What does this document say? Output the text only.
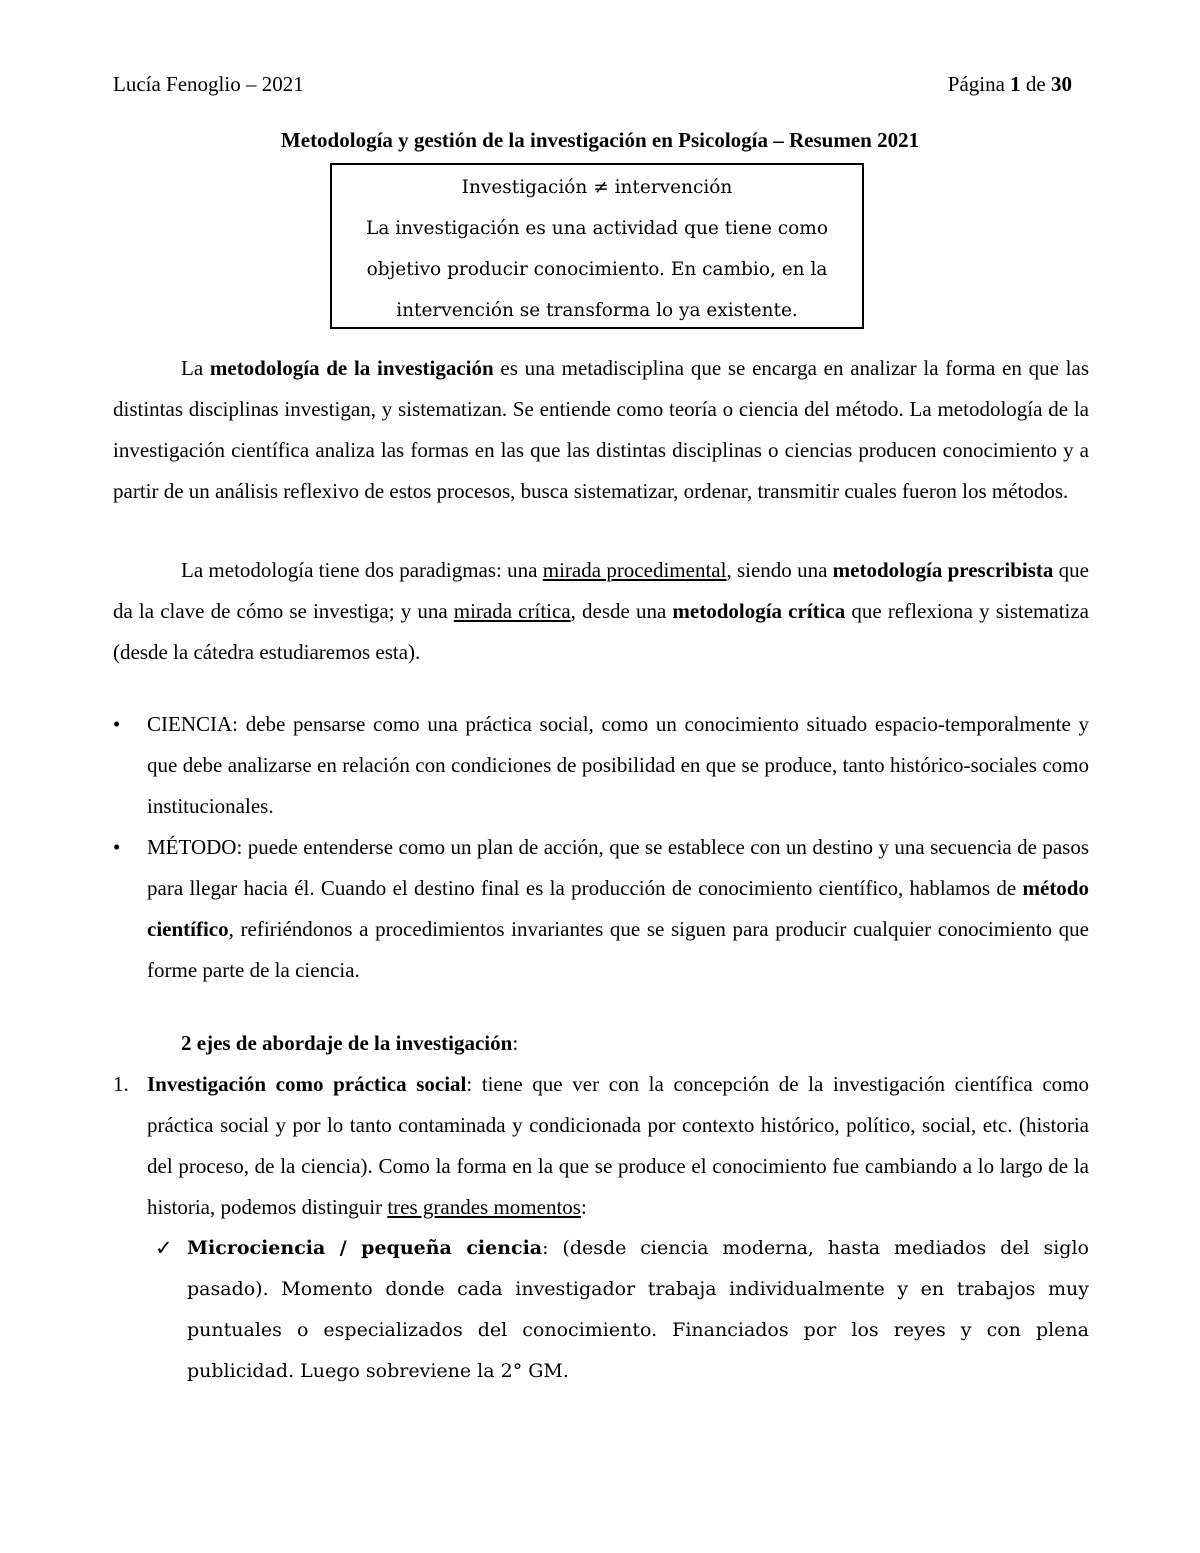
Lucía Fenoglio – 2021	Página 1 de 30
Metodología y gestión de la investigación en Psicología – Resumen 2021
Investigación ≠ intervención
La investigación es una actividad que tiene como
objetivo producir conocimiento. En cambio, en la
intervención se transforma lo ya existente.
La metodología de la investigación es una metadisciplina que se encarga en analizar la forma en que las distintas disciplinas investigan, y sistematizan. Se entiende como teoría o ciencia del método. La metodología de la investigación científica analiza las formas en las que las distintas disciplinas o ciencias producen conocimiento y a partir de un análisis reflexivo de estos procesos, busca sistematizar, ordenar, transmitir cuales fueron los métodos.
La metodología tiene dos paradigmas: una mirada procedimental, siendo una metodología prescribista que da la clave de cómo se investiga; y una mirada crítica, desde una metodología crítica que reflexiona y sistematiza (desde la cátedra estudiaremos esta).
•	CIENCIA: debe pensarse como una práctica social, como un conocimiento situado espacio-temporalmente y que debe analizarse en relación con condiciones de posibilidad en que se produce, tanto histórico-sociales como institucionales.
•	MÉTODO: puede entenderse como un plan de acción, que se establece con un destino y una secuencia de pasos para llegar hacia él. Cuando el destino final es la producción de conocimiento científico, hablamos de método científico, refiriéndonos a procedimientos invariantes que se siguen para producir cualquier conocimiento que forme parte de la ciencia.
2 ejes de abordaje de la investigación:
1. Investigación como práctica social: tiene que ver con la concepción de la investigación científica como práctica social y por lo tanto contaminada y condicionada por contexto histórico, político, social, etc. (historia del proceso, de la ciencia). Como la forma en la que se produce el conocimiento fue cambiando a lo largo de la historia, podemos distinguir tres grandes momentos:
✓ Microciencia / pequeña ciencia: (desde ciencia moderna, hasta mediados del siglo pasado). Momento donde cada investigador trabaja individualmente y en trabajos muy puntuales o especializados del conocimiento. Financiados por los reyes y con plena publicidad. Luego sobreviene la 2° GM.
